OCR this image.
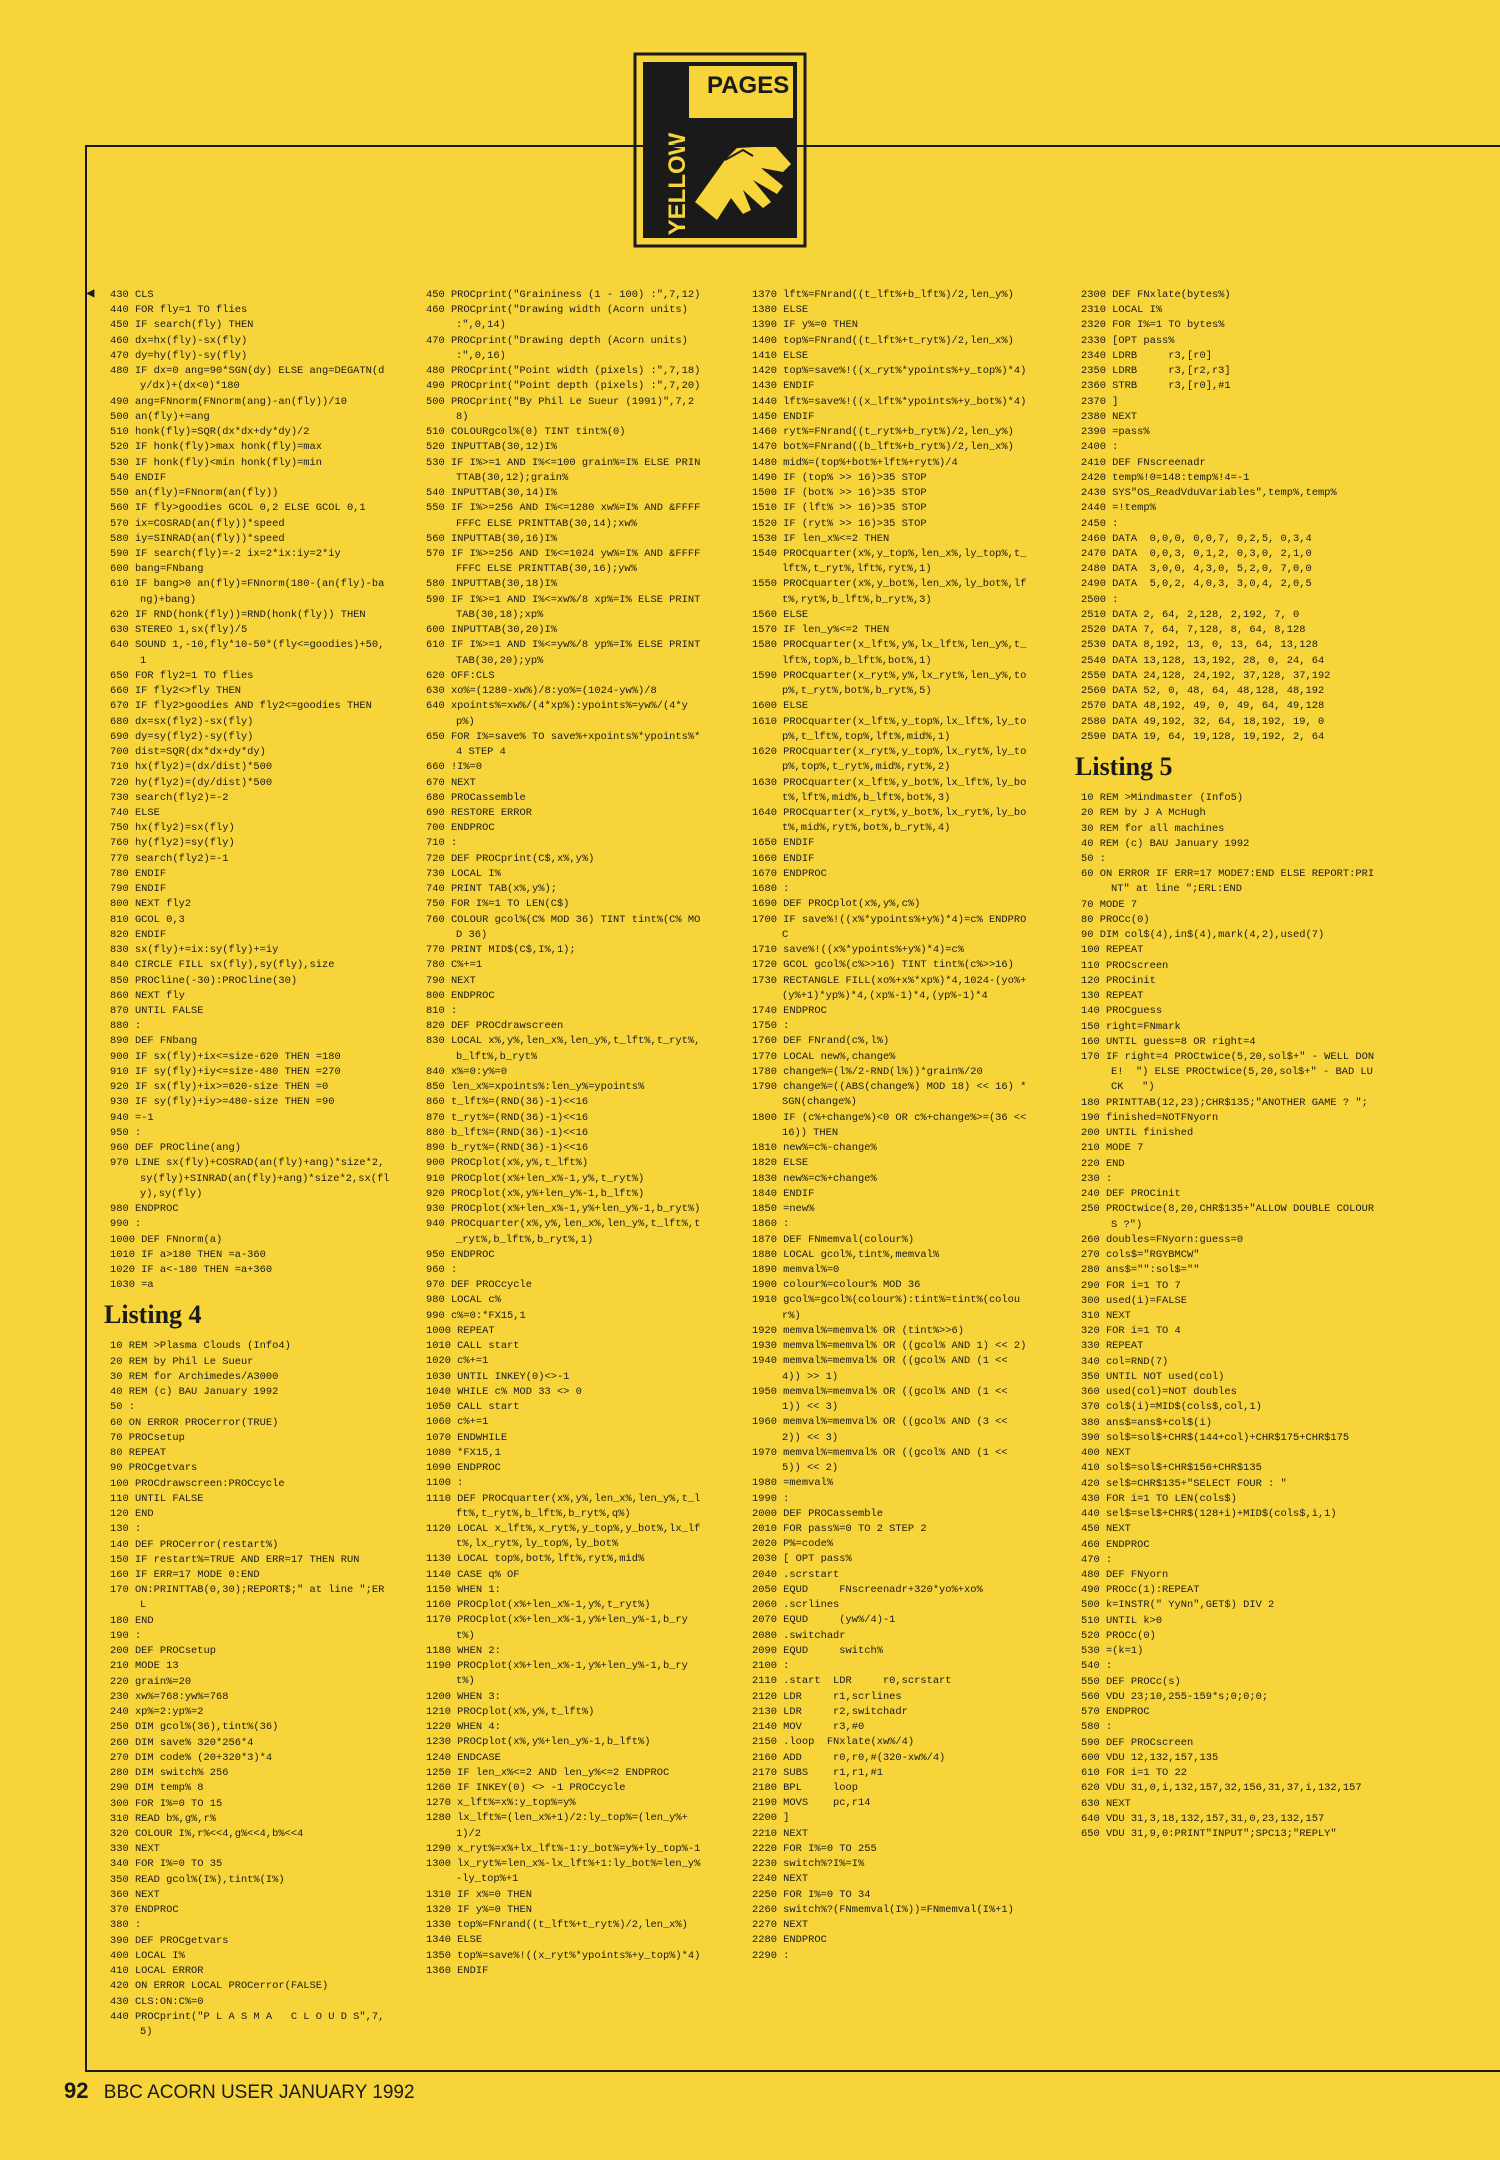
PAGES
YELLOW
◀	430 CLS
440 FOR fly=1 TO flies
450 IF search(fly) THEN
460 dx=hx(fly)-sx(fly)
470 dy=hy(fly)-sy(fly)
480 IF dx=0 ang=90*SGN(dy) ELSE ang=DEGATN(dy/dx)+(dx<0)*180
490 ang=FNnorm(FNnorm(ang)-an(fly))/10
500 an(fly)+=ang
510 honk(fly)=SQR(dx*dx+dy*dy)/2
520 IF honk(fly)>max honk(fly)=max
530 IF honk(fly)<min honk(fly)=min
540 ENDIF
550 an(fly)=FNnorm(an(fly))
560 IF fly>goodies GCOL 0,2 ELSE GCOL 0,1
570 ix=COSRAD(an(fly))*speed
580 iy=SINRAD(an(fly))*speed
590 IF search(fly)=-2 ix=2*ix:iy=2*iy
600 bang=FNbang
610 IF bang>0 an(fly)=FNnorm(180-(an(fly)-bang)+bang)
620 IF RND(honk(fly))=RND(honk(fly)) THEN
630 STEREO 1,sx(fly)/5
640 SOUND 1,-10,fly*10-50*(fly<=goodies)+50,1
650 FOR fly2=1 TO flies
660 IF fly2<>fly THEN
670 IF fly2>goodies AND fly2<=goodies THEN
680 dx=sx(fly2)-sx(fly)
690 dy=sy(fly2)-sy(fly)
700 dist=SQR(dx*dx+dy*dy)
710 hx(fly2)=(dx/dist)*500
720 hy(fly2)=(dy/dist)*500
730 search(fly2)=-2
740 ELSE
750 hx(fly2)=sx(fly)
760 hy(fly2)=sy(fly)
770 search(fly2)=-1
780 ENDIF
790 ENDIF
800 NEXT fly2
810 GCOL 0,3
820 ENDIF
830 sx(fly)+=ix:sy(fly)+=iy
840 CIRCLE FILL sx(fly),sy(fly),size
850 PROCline(-30):PROCline(30)
860 NEXT fly
870 UNTIL FALSE
880 :
890 DEF FNbang
900 IF sx(fly)+ix<=size-620 THEN =180
910 IF sy(fly)+iy<=size-480 THEN =270
920 IF sx(fly)+ix>=620-size THEN =0
930 IF sy(fly)+iy>=480-size THEN =90
940 =-1
950 :
960 DEF PROCline(ang)
970 LINE sx(fly)+COSRAD(an(fly)+ang)*size*2,sy(fly)+SINRAD(an(fly)+ang)*size*2,sx(fly),sy(fly)
980 ENDPROC
990 :
1000 DEF FNnorm(a)
1010 IF a>180 THEN =a-360
1020 IF a<-180 THEN =a+360
1030 =a
Listing 4
10 REM >Plasma Clouds (Info4)
20 REM by Phil Le Sueur
30 REM for Archimedes/A3000
40 REM (c) BAU January 1992
50 :
60 ON ERROR PROCerror(TRUE)
70 PROCsetup
80 REPEAT
90 PROCgetvars
100 PROCdrawscreen:PROCcycle
110 UNTIL FALSE
120 END
130 :
140 DEF PROCerror(restart%)
150 IF restart%=TRUE AND ERR=17 THEN RUN
160 IF ERR=17 MODE 0:END
170 ON:PRINTTAB(0,30);REPORT$;" at line ";ERL
180 END
190 :
200 DEF PROCsetup
210 MODE 13
220 grain%=20
230 xw%=768:yw%=768
240 xp%=2:yp%=2
250 DIM gcol%(36),tint%(36)
260 DIM save% 320*256*4
270 DIM code% (20+320*3)*4
280 DIM switch% 256
290 DIM temp% 8
300 FOR I%=0 TO 15
310 READ b%,g%,r%
320 COLOUR I%,r%<<4,g%<<4,b%<<4
330 NEXT
340 FOR I%=0 TO 35
350 READ gcol%(I%),tint%(I%)
360 NEXT
370 ENDPROC
380 :
390 DEF PROCgetvars
400 LOCAL I%
410 LOCAL ERROR
420 ON ERROR LOCAL PROCerror(FALSE)
430 CLS:ON:C%=0
440 PROCprint("P L A S M A   C L O U D S",7,5)
450 PROCprint("Graininess (1 - 100) :",7,12)
460 PROCprint("Drawing width (Acorn units) :",0,14)
470 PROCprint("Drawing depth (Acorn units) :",0,16)
480 PROCprint("Point width (pixels) :",7,18)
490 PROCprint("Point depth (pixels) :",7,20)
500 PROCprint("By Phil Le Sueur (1991)",7,28)
510 COLOURgcol%(0) TINT tint%(0)
520 INPUTTAB(30,12)I%
530 IF I%>=1 AND I%<=100 grain%=I% ELSE PRINTTAB(30,12);grain%
540 INPUTTAB(30,14)I%
550 IF I%>=256 AND I%<=1280 xw%=I% AND &FFFFFFFC ELSE PRINTTAB(30,14);xw%
560 INPUTTAB(30,16)I%
570 IF I%>=256 AND I%<=1024 yw%=I% AND &FFFFFFFC ELSE PRINTTAB(30,16);yw%
580 INPUTTAB(30,18)I%
590 IF I%>=1 AND I%<=xw%/8 xp%=I% ELSE PRINTTAB(30,18);xp%
600 INPUTTAB(30,20)I%
610 IF I%>=1 AND I%<=yw%/8 yp%=I% ELSE PRINTTAB(30,20);yp%
620 OFF:CLS
630 xo%=(1280-xw%)/8:yo%=(1024-yw%)/8
640 xpoints%=xw%/(4*xp%):ypoints%=yw%/(4*yp%)
650 FOR I%=save% TO save%+xpoints%*ypoints%*4 STEP 4
660 !I%=0
670 NEXT
680 PROCassemble
690 RESTORE ERROR
700 ENDPROC
710 :
720 DEF PROCprint(C$,x%,y%)
730 LOCAL I%
740 PRINT TAB(x%,y%);
750 FOR I%=1 TO LEN(C$)
760 COLOUR gcol%(C% MOD 36) TINT tint%(C% MOD 36)
770 PRINT MID$(C$,I%,1);
780 C%+=1
790 NEXT
800 ENDPROC
810 :
820 DEF PROCdrawscreen
830 LOCAL x%,y%,len_x%,len_y%,t_lft%,t_ryt%,b_lft%,b_ryt%
840 x%=0:y%=0
850 len_x%=xpoints%:len_y%=ypoints%
860 t_lft%=(RND(36)-1)<<16
870 t_ryt%=(RND(36)-1)<<16
880 b_lft%=(RND(36)-1)<<16
890 b_ryt%=(RND(36)-1)<<16
900 PROCplot(x%,y%,t_lft%)
910 PROCplot(x%+len_x%-1,y%,t_ryt%)
920 PROCplot(x%,y%+len_y%-1,b_lft%)
930 PROCplot(x%+len_x%-1,y%+len_y%-1,b_ryt%)
940 PROCquarter(x%,y%,len_x%,len_y%,t_lft%,t_ryt%,b_lft%,b_ryt%,1)
950 ENDPROC
960 :
970 DEF PROCcycle
980 LOCAL c%
990 c%=0:*FX15,1
1000 REPEAT
1010 CALL start
1020 c%+=1
1030 UNTIL INKEY(0)<>-1
1040 WHILE c% MOD 33 <> 0
1050 CALL start
1060 c%+=1
1070 ENDWHILE
1080 *FX15,1
1090 ENDPROC
1100 :
1110 DEF PROCquarter(x%,y%,len_x%,len_y%,t_lft%,t_ryt%,b_lft%,b_ryt%,q%)
1120 LOCAL x_lft%,x_ryt%,y_top%,y_bot%,lx_lft%,lx_ryt%,ly_top%,ly_bot%
1130 LOCAL top%,bot%,lft%,ryt%,mid%
1140 CASE q% OF
1150 WHEN 1:
1160 PROCplot(x%+len_x%-1,y%,t_ryt%)
1170 PROCplot(x%+len_x%-1,y%+len_y%-1,b_ryt%)
1180 WHEN 2:
1190 PROCplot(x%+len_x%-1,y%+len_y%-1,b_ryt%)
1200 WHEN 3:
1210 PROCplot(x%,y%,t_lft%)
1220 WHEN 4:
1230 PROCplot(x%,y%+len_y%-1,b_lft%)
1240 ENDCASE
1250 IF len_x%<=2 AND len_y%<=2 ENDPROC
1260 IF INKEY(0) <> -1 PROCcycle
1270 x_lft%=x%:y_top%=y%
1280 lx_lft%=(len_x%+1)/2:ly_top%=(len_y%+1)/2
1290 x_ryt%=x%+lx_lft%-1:y_bot%=y%+ly_top%-1
1300 lx_ryt%=len_x%-lx_lft%+1:ly_bot%=len_y%-ly_top%+1
1310 IF x%=0 THEN
1320 IF y%=0 THEN
1330 top%=FNrand((t_lft%+t_ryt%)/2,len_x%)
1340 ELSE
1350 top%=save%!((x_ryt%*ypoints%+y_top%)*4)
1360 ENDIF
1370 lft%=FNrand((t_lft%+b_lft%)/2,len_y%)
1380 ELSE
1390 IF y%=0 THEN
1400 top%=FNrand((t_lft%+t_ryt%)/2,len_x%)
1410 ELSE
1420 top%=save%!((x_ryt%*ypoints%+y_top%)*4)
1430 ENDIF
1440 lft%=save%!((x_lft%*ypoints%+y_bot%)*4)
1450 ENDIF
1460 ryt%=FNrand((t_ryt%+b_ryt%)/2,len_y%)
1470 bot%=FNrand((b_lft%+b_ryt%)/2,len_x%)
1480 mid%=(top%+bot%+lft%+ryt%)/4
1490 IF (top% >> 16)>35 STOP
1500 IF (bot% >> 16)>35 STOP
1510 IF (lft% >> 16)>35 STOP
1520 IF (ryt% >> 16)>35 STOP
1530 IF len_x%<=2 THEN
1540 PROCquarter(x%,y_top%,len_x%,ly_top%,t_lft%,t_ryt%,lft%,ryt%,1)
1550 PROCquarter(x%,y_bot%,len_x%,ly_bot%,lft%,ryt%,b_lft%,b_ryt%,3)
1560 ELSE
1570 IF len_y%<=2 THEN
1580 PROCquarter(x_lft%,y%,lx_lft%,len_y%,t_lft%,top%,b_lft%,bot%,1)
1590 PROCquarter(x_ryt%,y%,lx_ryt%,len_y%,top%,t_ryt%,bot%,b_ryt%,5)
1600 ELSE
1610 PROCquarter(x_lft%,y_top%,lx_lft%,ly_top%,t_lft%,top%,lft%,mid%,1)
1620 PROCquarter(x_ryt%,y_top%,lx_ryt%,ly_top%,top%,t_ryt%,mid%,ryt%,2)
1630 PROCquarter(x_lft%,y_bot%,lx_lft%,ly_bot%,lft%,mid%,b_lft%,bot%,3)
1640 PROCquarter(x_ryt%,y_bot%,lx_ryt%,ly_bot%,mid%,ryt%,bot%,b_ryt%,4)
1650 ENDIF
1660 ENDIF
1670 ENDPROC
1680 :
1690 DEF PROCplot(x%,y%,c%)
1700 IF save%!((x%*ypoints%+y%)*4)=c% ENDPROC
1710 save%!((x%*ypoints%+y%)*4)=c%
1720 GCOL gcol%(c%>>16) TINT tint%(c%>>16)
1730 RECTANGLE FILL(xo%+x%*xp%)*4,1024-(yo%+(y%+1)*yp%)*4,(xp%-1)*4,(yp%-1)*4
1740 ENDPROC
1750 :
1760 DEF FNrand(c%,l%)
1770 LOCAL new%,change%
1780 change%=(l%/2-RND(l%))*grain%/20
1790 change%=((ABS(change%) MOD 18) << 16) * SGN(change%)
1800 IF (c%+change%)<0 OR c%+change%>=(36 << 16)) THEN
1810 new%=c%-change%
1820 ELSE
1830 new%=c%+change%
1840 ENDIF
1850 =new%
1860 :
1870 DEF FNmemval(colour%)
1880 LOCAL gcol%,tint%,memval%
1890 memval%=0
1900 colour%=colour% MOD 36
1910 gcol%=gcol%(colour%):tint%=tint%(colour%)
1920 memval%=memval% OR (tint%>>6)
1930 memval%=memval% OR ((gcol% AND 1) << 2)
1940 memval%=memval% OR ((gcol% AND (1 << 4)) >> 1)
1950 memval%=memval% OR ((gcol% AND (1 << 1)) << 3)
1960 memval%=memval% OR ((gcol% AND (3 << 2)) << 3)
1970 memval%=memval% OR ((gcol% AND (1 << 5)) << 2)
1980 =memval%
1990 :
2000 DEF PROCassemble
2010 FOR pass%=0 TO 2 STEP 2
2020 P%=code%
2030 [ OPT pass%
2040 .scrstart
2050 EQUD     FNscreenadr+320*yo%+xo%
2060 .scrlines
2070 EQUD     (yw%/4)-1
2080 .switchadr
2090 EQUD     switch%
2100 :
2110 .start  LDR     r0,scrstart
2120 LDR     r1,scrlines
2130 LDR     r2,switchadr
2140 MOV     r3,#0
2150 .loop  FNxlate(xw%/4)
2160 ADD     r0,r0,#(320-xw%/4)
2170 SUBS    r1,r1,#1
2180 BPL     loop
2190 MOVS    pc,r14
2200 ]
2210 NEXT
2220 FOR I%=0 TO 255
2230 switch%?I%=I%
2240 NEXT
2250 FOR I%=0 TO 34
2260 switch%?(FNmemval(I%))=FNmemval(I%+1)
2270 NEXT
2280 ENDPROC
2290 :
2300 DEF FNxlate(bytes%)
2310 LOCAL I%
2320 FOR I%=1 TO bytes%
2330 [OPT pass%
2340 LDRB     r3,[r0]
2350 LDRB     r3,[r2,r3]
2360 STRB     r3,[r0],#1
2370 ]
2380 NEXT
2390 =pass%
2400 :
2410 DEF FNscreenadr
2420 temp%!0=148:temp%!4=-1
2430 SYS"OS_ReadVduVariables",temp%,temp%
2440 =!temp%
2450 :
2460 DATA  0,0,0, 0,0,7, 0,2,5, 0,3,4
2470 DATA  0,0,3, 0,1,2, 0,3,0, 2,1,0
2480 DATA  3,0,0, 4,3,0, 5,2,0, 7,0,0
2490 DATA  5,0,2, 4,0,3, 3,0,4, 2,0,5
2500 :
2510 DATA 2, 64, 2,128, 2,192, 7, 0
2520 DATA 7, 64, 7,128, 8, 64, 8,128
2530 DATA 8,192, 13, 0, 13, 64, 13,128
2540 DATA 13,128, 13,192, 28, 0, 24, 64
2550 DATA 24,128, 24,192, 37,128, 37,192
2560 DATA 52, 0, 48, 64, 48,128, 48,192
2570 DATA 48,192, 49, 0, 49, 64, 49,128
2580 DATA 49,192, 32, 64, 18,192, 19, 0
2590 DATA 19, 64, 19,128, 19,192, 2, 64
Listing 5
10 REM >Mindmaster (Info5)
20 REM by J A McHugh
30 REM for all machines
40 REM (c) BAU January 1992
50 :
60 ON ERROR IF ERR=17 MODE7:END ELSE REPORT:PRINT" at line ";ERL:END
70 MODE 7
80 PROCc(0)
90 DIM col$(4),in$(4),mark(4,2),used(7)
100 REPEAT
110 PROCscreen
120 PROCinit
130 REPEAT
140 PROCguess
150 right=FNmark
160 UNTIL guess=8 OR right=4
170 IF right=4 PROCtwice(5,20,sol$+" - WELL DONE!  ") ELSE PROCtwice(5,20,sol$+" - BAD LUCK   ")
180 PRINTTAB(12,23);CHR$135;"ANOTHER GAME ? ";
190 finished=NOTFNyorn
200 UNTIL finished
210 MODE 7
220 END
230 :
240 DEF PROCinit
250 PROCtwice(8,20,CHR$135+"ALLOW DOUBLE COLOURS ?")
260 doubles=FNyorn:guess=0
270 cols$="RGYBMCW"
280 ans$="":sol$=""
290 FOR i=1 TO 7
300 used(i)=FALSE
310 NEXT
320 FOR i=1 TO 4
330 REPEAT
340 col=RND(7)
350 UNTIL NOT used(col)
360 used(col)=NOT doubles
370 col$(i)=MID$(cols$,col,1)
380 ans$=ans$+col$(i)
390 sol$=sol$+CHR$(144+col)+CHR$175+CHR$175
400 NEXT
410 sol$=sol$+CHR$156+CHR$135
420 sel$=CHR$135+"SELECT FOUR : "
430 FOR i=1 TO LEN(cols$)
440 sel$=sel$+CHR$(128+i)+MID$(cols$,i,1)
450 NEXT
460 ENDPROC
470 :
480 DEF FNyorn
490 PROCc(1):REPEAT
500 k=INSTR(" YyNn",GET$) DIV 2
510 UNTIL k>0
520 PROCc(0)
530 =(k=1)
540 :
550 DEF PROCc(s)
560 VDU 23;10,255-159*s;0;0;0;
570 ENDPROC
580 :
590 DEF PROCscreen
600 VDU 12,132,157,135
610 FOR i=1 TO 22
620 VDU 31,0,i,132,157,32,156,31,37,i,132,157
630 NEXT
640 VDU 31,3,18,132,157,31,0,23,132,157
650 VDU 31,9,0:PRINT"INPUT";SPC13;"REPLY"
92 BBC ACORN USER JANUARY 1992
